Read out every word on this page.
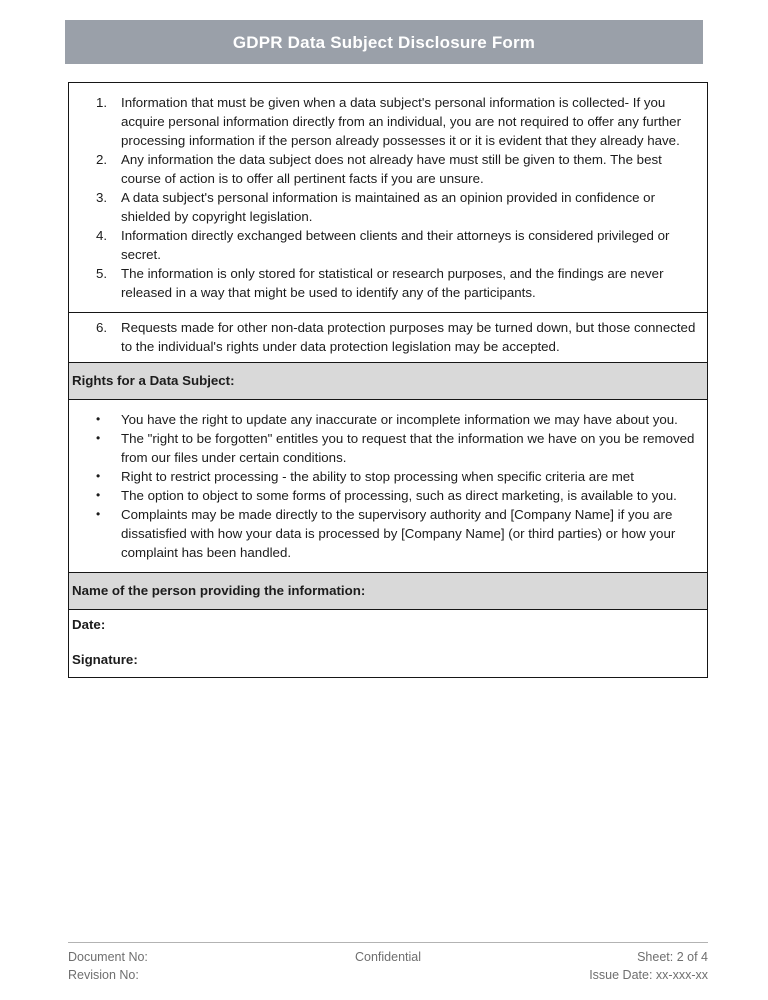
GDPR Data Subject Disclosure Form
1.	Information that must be given when a data subject's personal information is collected- If you acquire personal information directly from an individual, you are not required to offer any further processing information if the person already possesses it or it is evident that they already have.
2.	Any information the data subject does not already have must still be given to them. The best course of action is to offer all pertinent facts if you are unsure.
3.	A data subject's personal information is maintained as an opinion provided in confidence or shielded by copyright legislation.
4.	Information directly exchanged between clients and their attorneys is considered privileged or secret.
5.	The information is only stored for statistical or research purposes, and the findings are never released in a way that might be used to identify any of the participants.
6.	Requests made for other non-data protection purposes may be turned down, but those connected to the individual's rights under data protection legislation may be accepted.
Rights for a Data Subject:
•	You have the right to update any inaccurate or incomplete information we may have about you.
•	The "right to be forgotten" entitles you to request that the information we have on you be removed from our files under certain conditions.
•	Right to restrict processing - the ability to stop processing when specific criteria are met
•	The option to object to some forms of processing, such as direct marketing, is available to you.
•	Complaints may be made directly to the supervisory authority and [Company Name] if you are dissatisfied with how your data is processed by [Company Name] (or third parties) or how your complaint has been handled.
Name of the person providing the information:
Date:
Signature:
Document No:
Revision No:
Confidential	Sheet: 2 of 4
Issue Date: xx-xxx-xx
